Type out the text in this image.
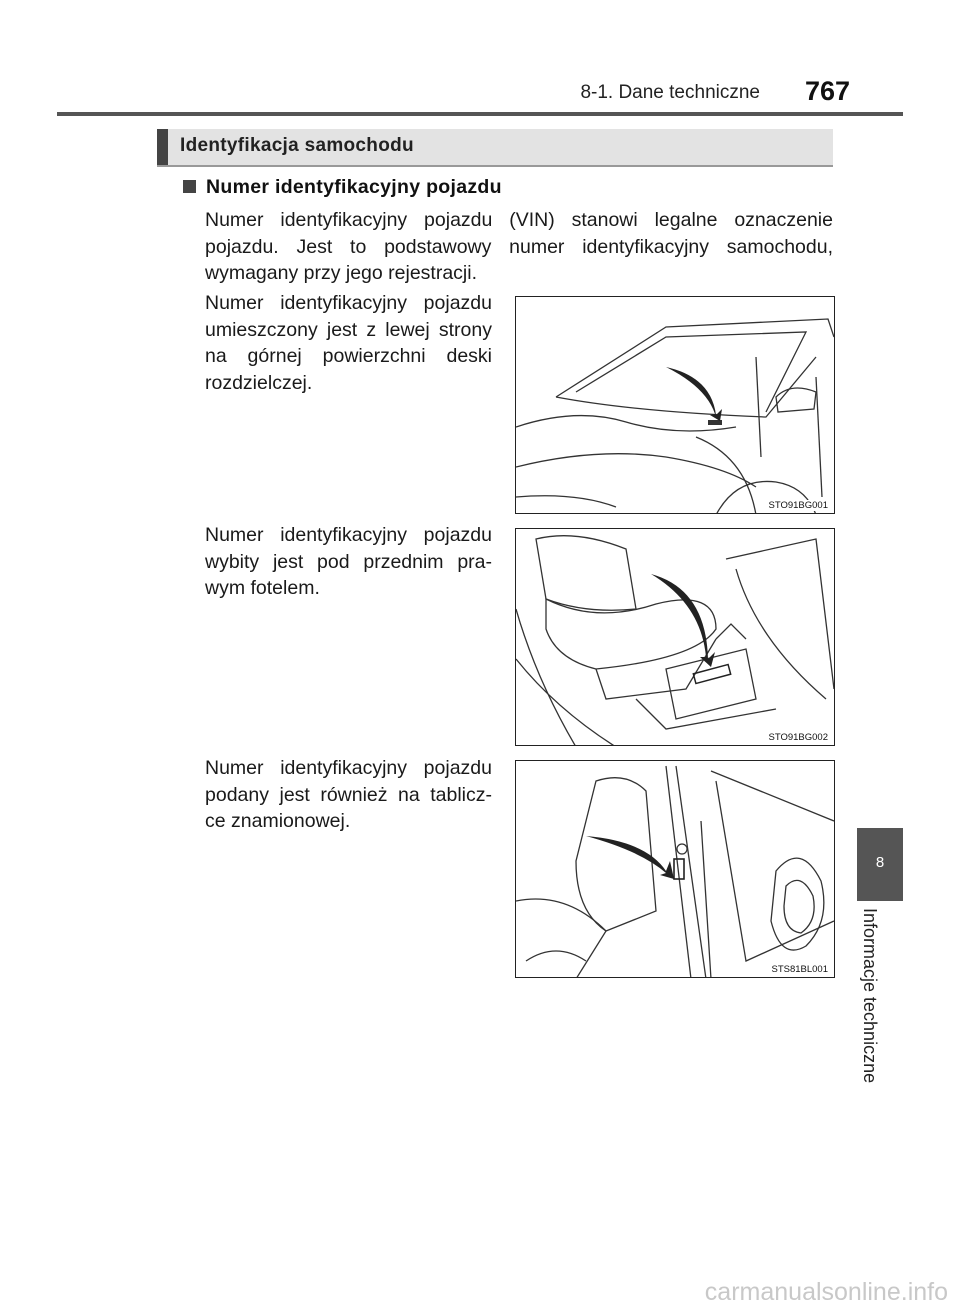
8-1. Dane techniczne 767
Identyfikacja samochodu
Numer identyfikacyjny pojazdu
Numer identyfikacyjny pojazdu (VIN) stanowi legalne oznaczenie pojazdu. Jest to podstawowy numer identyfikacyjny samochodu, wymagany przy jego rejestracji.
Numer identyfikacyjny pojazdu umieszczony jest z lewej strony na górnej powierzchni deski rozdzielczej.
STO91BG001
Numer identyfikacyjny pojazdu wybity jest pod przednim pra-wym fotelem.
STO91BG002
Numer identyfikacyjny pojazdu podany jest również na tablicz-ce znamionowej.
STS81BL001
8
Informacje techniczne
carmanualsonline.info
